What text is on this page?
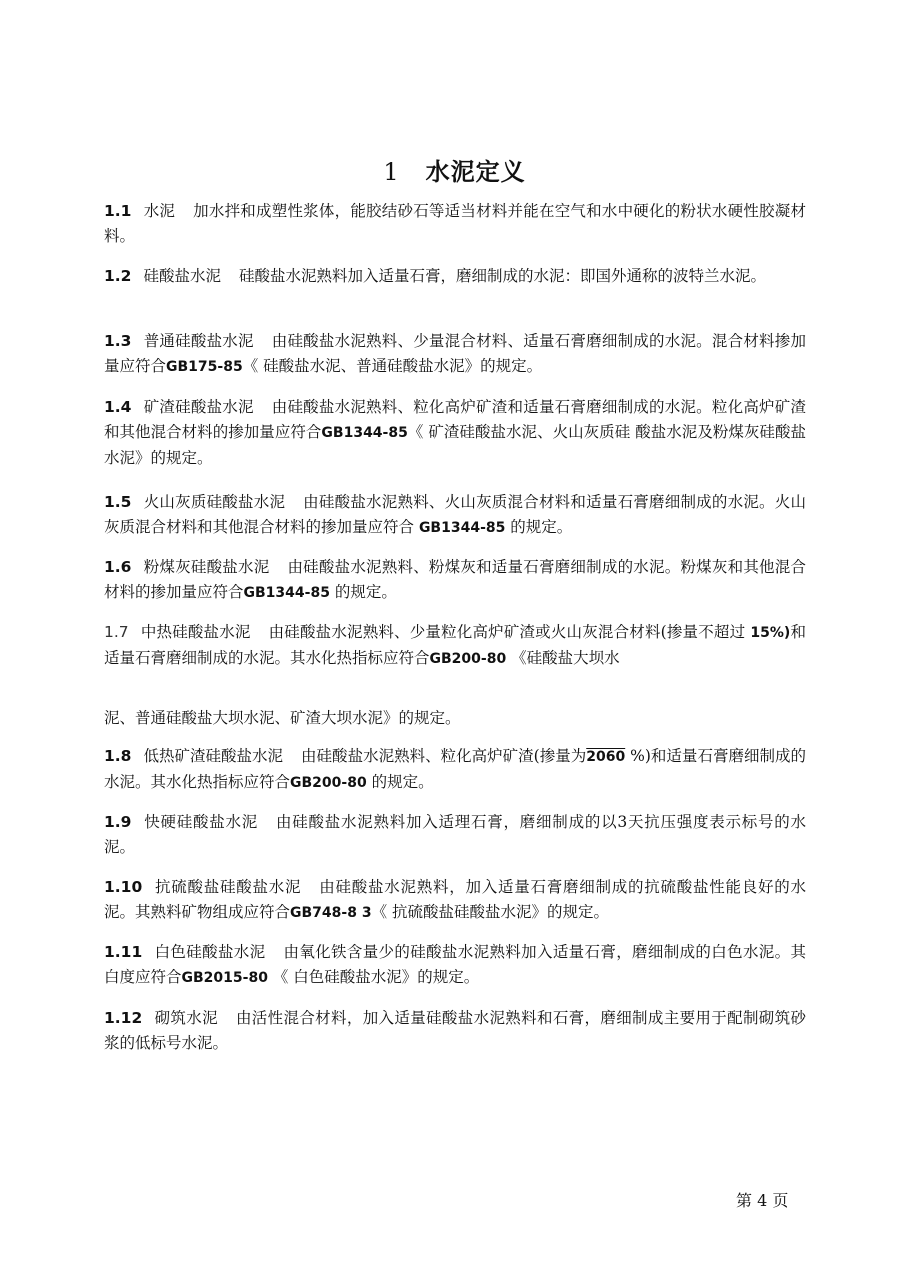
1 水泥定义
1.1 水泥 加水拌和成塑性浆体，能胶结砂石等适当材料并能在空气和水中硬化的粉状水硬性胶凝材料。
1.2 硅酸盐水泥 硅酸盐水泥熟料加入适量石膏，磨细制成的水泥：即国外通称的波特兰水泥。
1.3 普通硅酸盐水泥 由硅酸盐水泥熟料、少量混合材料、适量石膏磨细制成的水泥。混合材料掺加量应符合GB175-85《 硅酸盐水泥、普通硅酸盐水泥》的规定。
1.4 矿渣硅酸盐水泥 由硅酸盐水泥熟料、粒化高炉矿渣和适量石膏磨细制成的水泥。粒化高炉矿渣和其他混合材料的掺加量应符合GB1344-85《 矿渣硅酸盐水泥、火山灰质硅 酸盐水泥及粉煤灰硅酸盐水泥》的规定。
1.5 火山灰质硅酸盐水泥 由硅酸盐水泥熟料、火山灰质混合材料和适量石膏磨细制成的水泥。火山灰质混合材料和其他混合材料的掺加量应符合 GB1344-85 的规定。
1.6 粉煤灰硅酸盐水泥 由硅酸盐水泥熟料、粉煤灰和适量石膏磨细制成的水泥。粉煤灰和其他混合材料的掺加量应符合GB1344-85 的规定。
1.7 中热硅酸盐水泥 由硅酸盐水泥熟料、少量粒化高炉矿渣或火山灰混合材料(掺量不超过 15%)和适量石膏磨细制成的水泥。其水化热指标应符合GB200-80 《硅酸盐大坝水
泥、普通硅酸盐大坝水泥、矿渣大坝水泥》的规定。
1.8 低热矿渣硅酸盐水泥 由硅酸盐水泥熟料、粒化高炉矿渣(掺量为2060 %)和适量石膏磨细制成的水泥。其水化热指标应符合GB200-80 的规定。
1.9 快硬硅酸盐水泥 由硅酸盐水泥熟料加入适理石膏，磨细制成的以3天抗压强度表示标号的水泥。
1.10 抗硫酸盐硅酸盐水泥 由硅酸盐水泥熟料，加入适量石膏磨细制成的抗硫酸盐性能良好的水泥。其熟料矿物组成应符合GB748-8 3《 抗硫酸盐硅酸盐水泥》的规定。
1.11 白色硅酸盐水泥 由氧化铁含量少的硅酸盐水泥熟料加入适量石膏，磨细制成的白色水泥。其白度应符合GB2015-80 《 白色硅酸盐水泥》的规定。
1.12 砌筑水泥 由活性混合材料，加入适量硅酸盐水泥熟料和石膏，磨细制成主要用于配制砌筑砂浆的低标号水泥。
第 4 页
